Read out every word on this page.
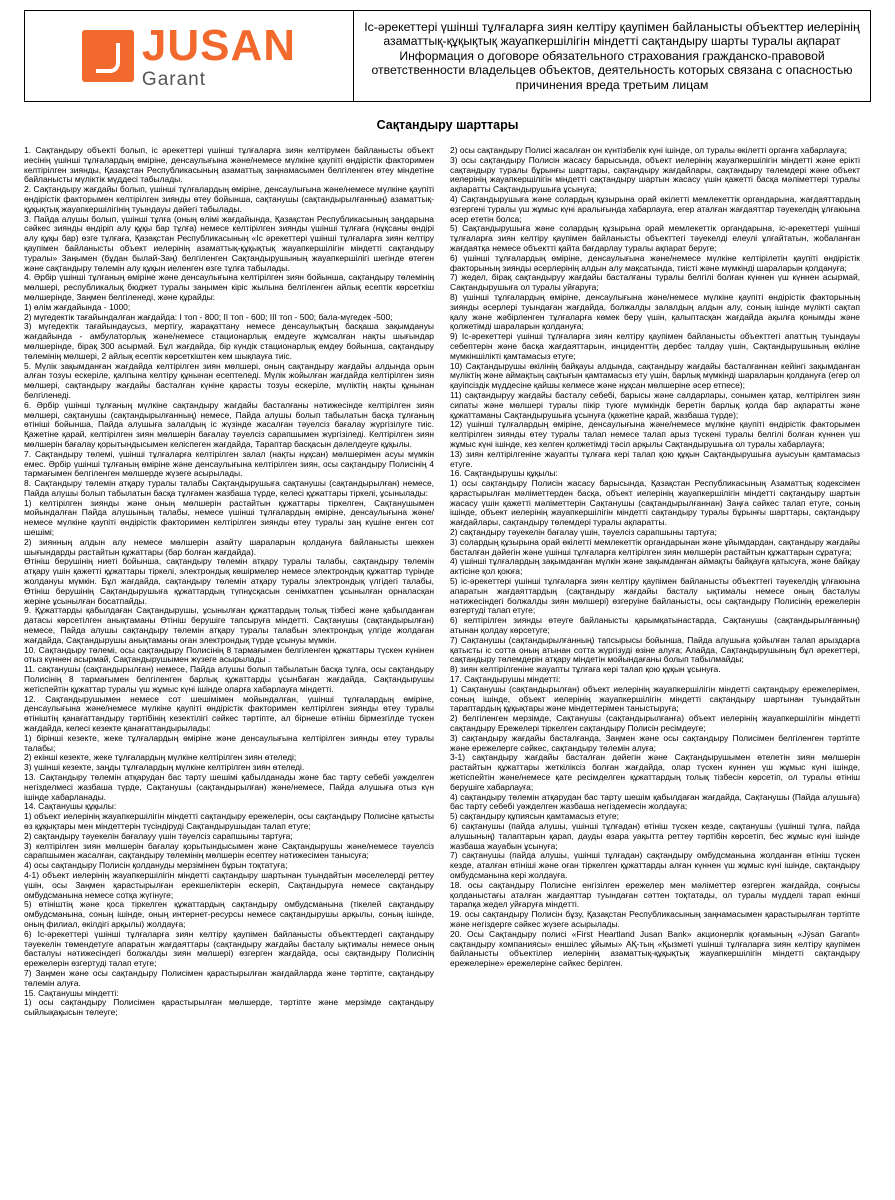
JUSAN
Garant
Іс-әрекеттері үшінші тұлғаларға зиян келтіру қаупімен байланысты объекттер иелерінің азаматтық-құқықтық жауапкершілігін міндетті сақтандыру шарты туралы ақпарат
Информация о договоре обязательного страхования гражданско-правовой ответственности владельцев объектов, деятельность которых связана с опасностью причинения вреда третьим лицам
Сақтандыру шарттары

1. Сақтандыру объекті болып, іс әрекеттері үшінші тұлғаларға зиян келтірумен байланысты объект иесінің үшінші тұлғалардың өміріне, денсаулығына және/немесе мүлкіне қаупіті өндірістік факторимен келтірілген зиянды, Қазақстан Республикасының азаматтық заңнамасымен белгіленген өтеу міндетіне байланысты мүліктік мүддесі табылады.

2. Сақтандыру жағдайы болып, үшінші тұлғалардың өміріне, денсаулығына және/немесе мүлкіне қаупіті өндірістік факторымен келтірілген зиянды өтеу бойынша, сақтанушы (сақтандырылғанның) азаматтық-құқықтық жауапкершілігінің туындауы дәйегі табылады.

3. Пайда алушы болып, үшінші тұлға (оның өлімі жағдайында, Қазақстан Республикасының заңдарына сәйкес зиянды өндіріп алу құқы бар тұлға) немесе келтірілген зиянды үшінші тұлғаға (нұқсаны өндірі алу құқы бар) өзге тұлғаға, Қазақстан Республикасының «Іс әрекеттері үшінші тұлғаларға зиян келтіру қаупімен байланысты объект иелерінің азаматтық-құқықтық жауапкершілігін міндетті сақтандыру туралы» Заңымен (бұдан былай-Заң) белгіленген Сақтандырушының жауапкершілігі шегінде өтеген және сақтандыру төлемін алу құқын иеленген өзге тұлға табылады.

4. Әрбір үшінші тұлғаның өміріне және денсаулығына келтірілген зиян бойынша, сақтандыру төлемінің мөлшері, республикалық бюджет туралы заңымен кіріс жылына белгіленген айлық есептік көрсеткіш мөлшерінде, Заңмен белгіленеді, және құрайды:

1) өлім жағдайында - 1000;

2) мүгедектік тағайындалған жағдайда: І топ - 800; ІІ топ - 600; ІІІ топ - 500; бала-мүгедек -500;

3) мүгедектік тағайындаусыз, мертігу, жарақаттану немесе денсаулықтың басқаша зақымдануы жағдайында - амбулаторлық және/немесе стационарлық емдеуге жұмсалған нақты шығындар мөлшерінде, бірақ 300 асырмай. Бұл жағдайда, бір күндік стационарлық емдеу бойынша, сақтандыру төлемінің мөлшері, 2 айлық есептік көрсеткіштен кем шықпауға тиіс.

5. Мүлік зақымданған жағдайда келтірілген зиян мөлшері, оның сақтандыру жағдайы алдында орын алған тозуы ескеріле, қалпына келтіру құнынан есептеледі. Мүлік жойылған жағдайда келтірілген зиян мөлшері, сақтандыру жағдайы басталған күніне қарасты тозуы ескеріле, мүліктің нақты құнынан белгіленеді.

6. Әрбір үшінші тұлғаның мүлкіне сақтандыру жағдайы басталғаны нәтижесінде келтірілген зиян мөлшері, сақтанушы (сақтандырылғанның) немесе, Пайда алушы болып табылатын басқа тұлғаның өтініші бойынша, Пайда алушыға залалдың іс жүзінде жасалған тәуелсіз бағалау жүргізілуге тиіс. Қажетіне қарай, келтірілген зиян мөлшерін бағалау тәуелсіз сарапшымен жүргізіледі. Келтірілген зиян мөлшерін бағалау қорытындысымен келіспеген жағдайда, Тараптар басқасын дәлелдеуге құқылы.

7. Сақтандыру төлемі, үшінші тұлғаларға келтірілген залал (нақты нұқсан) мөлшерімен асуы мүмкін емес. Әрбір үшінші тұлғаның өміріне және денсаулығына келтірілген зиян, осы сақтандыру Полисінің 4 тармағымен белгіленген мөлшерде жүзеге асырылады.

8. Сақтандыру төлемін атқару туралы талабы Сақтандырушыға сақтанушы (сақтандырылған) немесе, Пайда алушы болып табылатын басқа тұлғамен жазбаша түрде, келесі құжаттары тіркелі, ұсынылады:

1) келтірілген зиянды және оның мөлшерін растайтын құжаттары тіркелген, Сақтанушымен мойындалған Пайда алушының талабы, немесе үшінші тұлғалардың өміріне, денсаулығына және/немесе мүлкіне қаупіті өндірістік факторимен келтірілген зиянды өтеу туралы заң күшіне енген сот шешімі;

2) зиянның алдын алу немесе мөлшерін азайту шараларын қолдануға байланысты шеккен шығындарды растайтын құжаттары (бар болған жағдайда).

Өтініш берушінің ниеті бойынша, сақтандыру төлемін атқару туралы талабы, сақтандыру төлемін атқару үшін қажетті құжаттары тіркелі, электрондық көшірмелер немесе электрондық құжаттар түрінде жолдануы мүмкін. Бұл жағдайда, сақтандыру төлемін атқару туралы электрондық үлгідегі талабы, Өтініш берушінің Сақтандырушыға құжаттардың түпнұсқасын сенімхатпен ұсынылған орналасқан жеріне ұсынылған босатпайды.

9. Құжаттарды қабылдаған Сақтандырушы, ұсынылған құжаттардың толық тізбесі және қабылданған датасы көрсетілген анықтаманы Өтініш берушіге тапсыруға міндетті. Сақтанушы (сақтандырылған) немесе, Пайда алушы сақтандыру төлемін атқару туралы талабын электрондық үлгіде жолдаған жағдайда, Сақтандырушы анықтаманы оған электрондық түрде ұсынуы мүмкін.

10. Сақтандыру төлемі, осы сақтандыру Полисінің 8 тармағымен белгіленген құжаттары түскен күнінен отыз күннен асырмай, Сақтандырушымен жүзеге асырылады .

11. сақтанушы (сақтандырылған) немесе, Пайда алушы болып табылатын басқа тұлға, осы сақтандыру Полисінің 8 тармағымен белгіленген барлық құжаттарды ұсынбаған жағдайда, Сақтандырушы жетіспейтін құжаттар туралы үш жұмыс күні ішінде оларға хабарлауға міндетті.

12. Сақтандырушымен немесе сот шешімімен мойындалған, үшінші тұлғалардың өміріне, денсаулығына және/немесе мүлкіне қаупіті өндірістік факторимен келтірілген зиянды өтеу туралы өтініштің қанағаттандыру тәртібінің кезектілігі сәйкес тәртіпте, ал бірнеше өтініш бірмезгілде түскен жағдайда, келесі кезекте қанағаттандырылады:

1) бірінші кезекте, жеке тұлғалардың өміріне және денсаулығына келтірілген зиянды өтеу туралы талабы;

2) екінші кезекте, жеке тұлғалардың мүлкіне келтірілген зиян өтеледі;

3) үшінші кезекте, заңды тұлғалардың мүлкіне келтірілген зиян өтеледі.

13. Сақтандыру төлемін атқарудан бас тарту шешімі қабылданады және бас тарту себебі уәжделген негізделмесі жазбаша түрде, Сақтанушы (сақтандырылған) және/немесе, Пайда алушыға отыз күн ішінде хабарланады.

14. Сақтанушы құқылы:

1) объект иелерінің жауапкершілігін міндетті сақтандыру ережелерін, осы сақтандыру Полисіне қатысты өз құқықтары мен міндеттерін түсіндіруді Сақтандырушыдан талап етуге;

2) сақтандыру тәуекелін бағалауу үшін тәуелсіз сарапшыны тартуға;

3) келтірілген зиян мөлшерін бағалау қорытындысымен және Сақтандырушы және/немесе тәуелсіз сарапшымен жасалған, сақтандыру төлемінің мөлшерін есептеу нәтижесімен танысуға;

4) осы сақтандыру Полисін қолдануды мерзімінен бұрын тоқтатуға;

4-1) объект иелерінің жауапкершілігін міндетті сақтандыру шартынан туындайтын мәселелерді реттеу үшін, осы Заңмен қарастырылған ерекшеліктерін ескеріп, Сақтандыруға немесе сақтандыру омбудсманына немесе сотқа жүгінуге;

5) өтініштің және қоса тіркелген құжаттардың сақтандыру омбудсманына (тікелей сақтандыру омбудсманына, соның ішінде, оның интернет-ресурсы немесе сақтандырушы арқылы, соның ішінде, оның филиал, өкілдігі арқылы) жолдауға;

6) Іс-әрекеттері үшінші тұлғаларға зиян келтіру қаупімен байланысты объекттердегі сақтандыру тәуекелін төмендетуге апаратын жағдаяттары (сақтандыру жағдайы басталу ықтималы немесе оның басталуы нәтижесіндегі болжалды зиян мөлшері) өзгерген жағдайда, осы сақтандыру Полисінің ережелерін өзгертуді талап етуге;

7) Заңмен және осы сақтандыру Полисімен қарастырылған жағдайларда және тәртіпте, сақтандыру төлемін алуға.

15. Сақтанушы міндетті:

1) осы сақтандыру Полисімен қарастырылған мөлшерде, тәртіпте және мерзімде сақтандыру сыйлықақысын төлеуге;

2) осы сақтандыру Полисі жасалған он күнтізбелік күні ішінде, ол туралы өкілетті органға хабарлауға;

3) осы сақтандыру Полисін жасасу барысында, объект иелерінің жауапкершілігін міндетті және ерікті сақтандыру туралы бұрынғы шарттары, сақтандыру жағдайлары, сақтандыру төлемдері және объект иелерінің жауапкершілігін міндетті сақтандыру шартын жасасу үшін қажетті басқа мәліметтері туралы ақпаратты Сақтандырушыға ұсынуға;

4) Сақтандырушыға және солардың құзырына орай өкілетті мемлекеттік органдарына, жағдаяттардың өзгергені туралы үш жұмыс күні аралығында хабарлауға, егер аталған жағдаяттар тәуекелдің ұлғаюына әсер ететін болса;

5) Сақтандырушыға және солардың құзырына орай мемлекеттік органдарына, іс-әрекеттері үшінші тұлғаларға зиян келтіру қаупімен байланысты объекттегі тәуекелді елеулі ұлғайтатын, жобаланған жағдаятқа немесе объектті қайта бағдарлау туралы ақпарат беруге;

6) үшінші тұлғалардың өміріне, денсаулығына және/немесе мүлкіне келтірілетін қаупіті өндірістік факторының зиянды әсерлерінің алдын алу мақсатында, тиісті және мүмкінді шараларын қолдануға;

7) жедел, бірақ сақтандыруу жағдайы басталғаны туралы белгілі болған күннен үш күннен асырмай, Сақтандырушыға ол туралы уйғаруға;

8) үшінші тұлғалардың өміріне, денсаулығына және/немесе мүлкіне қаупіті өндірістік факторының зиянды әсерлері туындаған жағдайда, болжалды залалдың алдын алу, соның ішінде мүлікті сақтап қалу және жәбірленген тұлғаларға көмек беру үшін, қалыптасқан жағдайда ақылға қонымды және қолжетімді шараларын қолдануға;

9) Іс-әрекеттері үшінші тұлғаларға зиян келтіру қаупімен байланысты объекттегі апаттың туындауы себептерін және басқа жағдаяттарын, инциденттің дербес талдау үшін, Сақтандырушының өкіліне мүмкіншілікті қамтамасыз етуге;

10) Сақтандырушы өкілінің байқауы алдында, сақтандыру жағдайы басталғаннан кейінгі зақымданған мүліктің және аймақтың сақтығын қамтамасыз ету үшін, барлық мүмкінді шараларын қолдануға (егер ол қауіпсіздік мүддесіне қайшы келмесе және нұқсан мөлшеріне әсер етпесе);

11) сақтандыруу жағдайы басталу себебі, барысы және салдарлары, сонымен қатар, келтірілген зиян сипаты және мөлшері туралы пікір түюге мүмкіндік беретін барлық қолда бар ақпаратты және құжаттаманы Сақтандырушыға ұсынуға (қажетіне қарай, жазбаша түрде);

12) үшінші тұлғалардың өміріне, денсаулығына және/немесе мүлкіне қаупіті өндірістік факторымен келтірілген зиянды өтеу туралы талап немесе талап арыз түскені туралы белгілі болған күннен үш жұмыс күні ішінде, кез келген қолжетімді тәсіл арқылы Сақтандырушыға ол туралы хабарлауға;

13) зиян келтірілгеніне жауапты тұлғаға кері талап қою құқын Сақтандырушыға ауысуын қамтамасыз етуге.

16. Сақтандырушы құқылы:

1) осы сақтандыру Полисін жасасу барысында, Қазақстан Республикасының Азаматтық кодексімен қарастырылған мәліметтерден басқа, объект иелерінің жауапкершілігін міндетті сақтандыру шартын жасасу үшін қажетті мәліметтерін Сақтанушы (сақтандырылғаннан) Заңға сәйкес талап етуге, соның ішінде, объект иелерінің жауапкершілігін міндетті сақтандыру туралы бұрынғы шарттары, сақтандыру жағдайлары, сақтандыру төлемдері туралы ақпаратты.

2) сақтандыру тәуекелін бағалау үшін, тәуелсіз сарапшыны тартуға;

3) солардың құзырына орай өкілетті мемлекеттік органдарынан және ұйымдардан, сақтандыру жағдайы басталған дәйегін және үшінші тұлғаларға келтірілген зиян мөлшерін растайтын құжаттарын сұратуға;

4) үшінші тұлғалардың зақымданған мүлкін және зақымданған аймақты байқауға қатысуға, және байқау актісіне қол қоюға;

5) іс-әрекеттері үшінші тұлғаларға зиян келтіру қаупімен байланысты объекттегі тәуекелдің ұлғаюына апаратын жағдаяттардың (сақтандыру жағдайы басталу ықтималы немесе оның басталуы нәтижесіндегі болжалды зиян мөлшері) өзгеруіне байланысты, осы сақтандыру Полисінің ережелерін өзгертуді талап етуге;

6) келтірілген зиянды өтеуге байланысты қарымқатынастарда, Сақтанушы (сақтандырылғанның) атынан қолдау көрсетуге;

7) Сақтанушы (сақтандырылғанның) тапсырысы бойынша, Пайда алушыға қойылған талап арыздарға қатысты іс сотта оның атынан сотта жүргізуді өзіне алуға; Алайда, Сақтандырушының бұл әрекеттері, сақтандыру төлемдерін атқару міндетін мойындағаны болып табылмайды;

8) зиян келтірілгеніне жауапты тұлғаға кері талап қою құқын ұсынуға.

17. Сақтандырушы міндетті:

1) Сақтанушы (сақтандырылған) объект иелерінің жауапкершілігін міндетті сақтандыру ережелерімен, соның ішінде, объект иелерінің жауапкершілігін міндетті сақтандыру шартынан туындайтын тараптардың құқықтары және міндеттерімен таныстыруға;

2) белгіленген мерзімде, Сақтанушы (сақтандырылғанға) объект иелерінің жауапкершілігін міндетті сақтандыру Ережелері тіркелген сақтандыру Полисін ресімдеуге;

3) сақтандыру жағдайы басталғанда, Заңмен және осы сақтандыру Полисімен белгіленген тәртіпте және ережелерге сәйкес, сақтандыру төлемін алуға;

3-1) сақтандыру жағдайы басталған дәйегін және Сақтандырушымен өтелетін зиян мөлшерін растайтын құжаттары жеткіліксіз болған жағдайда, олар түскен күннен үш жұмыс күні ішінде, жетіспейтін және/немесе қате ресімделген құжаттардың толық тізбесін көрсетіп, ол туралы өтініш берушіге хабарлауға;

4) сақтандыру төлемін атқарудан бас тарту шешім қабылдаған жағдайда, Сақтанушы (Пайда алушыға) бас тарту себебі уәжделген жазбаша негіздемесін жолдауға;

5) сақтандыру құпиясын қамтамасыз етуге;

6) сақтанушы (пайда алушы, үшінші тұлғадан) өтініш түскен кезде, сақтанушы (үшінші тұлға, пайда алушының) талаптарын қарап, дауды өзара уақытта реттеу тәртібін көрсетіп, бес жұмыс күні ішінде жазбаша жауабын ұсынуға;

7) сақтанушы (пайда алушы, үшінші тұлғадан) сақтандыру омбудсманына жолданған өтініш түскен кезде, аталған өтініші және оған тіркелген құжаттарды алған күннен үш жұмыс күні ішінде, сақтандыру омбудсманына кері жолдауға.

18. осы сақтандыру Полисіне енгізілген ережелер мен мәліметтер өзгерген жағдайда, соңғысы қолданыстағы аталған жағдаяттар туындаған сәттен тоқтатады, ол туралы мүдделі тарап екінші тарапқа жедел уйғаруға міндетті.

19. осы сақтандыру Полисін бұзу, Қазақстан Республикасының заңнамасымен қарастырылған тәртіпте және негіздерге сәйкес жүзеге асырылады.

20. Осы Сақтандыру полисі «First Heartland Jusan Bank» акционерлік қоғамының «Jýsan Garant» сақтандыру компаниясы» еншілес ұйымы» АҚ-тың «Қызметі үшінші тұлғаларға зиян келтіру қаупімен байланысты объектілер иелерінің азаматтық-құқықтық жауапкершілігін міндетті сақтандыру ережелеріне» ережелеріне сәйкес берілген.
